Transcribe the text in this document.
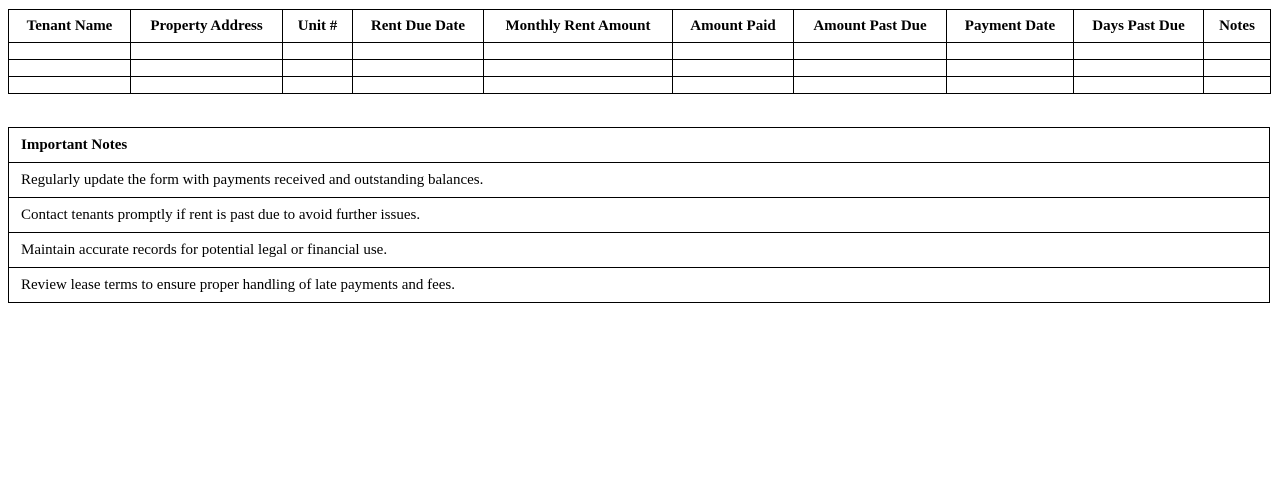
Tenant Name	Property Address	Unit #	Rent Due Date	Monthly Rent Amount	Amount Paid	Amount Past Due	Payment Date	Days Past Due	Notes

Important Notes
Regularly update the form with payments received and outstanding balances.
Contact tenants promptly if rent is past due to avoid further issues.
Maintain accurate records for potential legal or financial use.
Review lease terms to ensure proper handling of late payments and fees.
